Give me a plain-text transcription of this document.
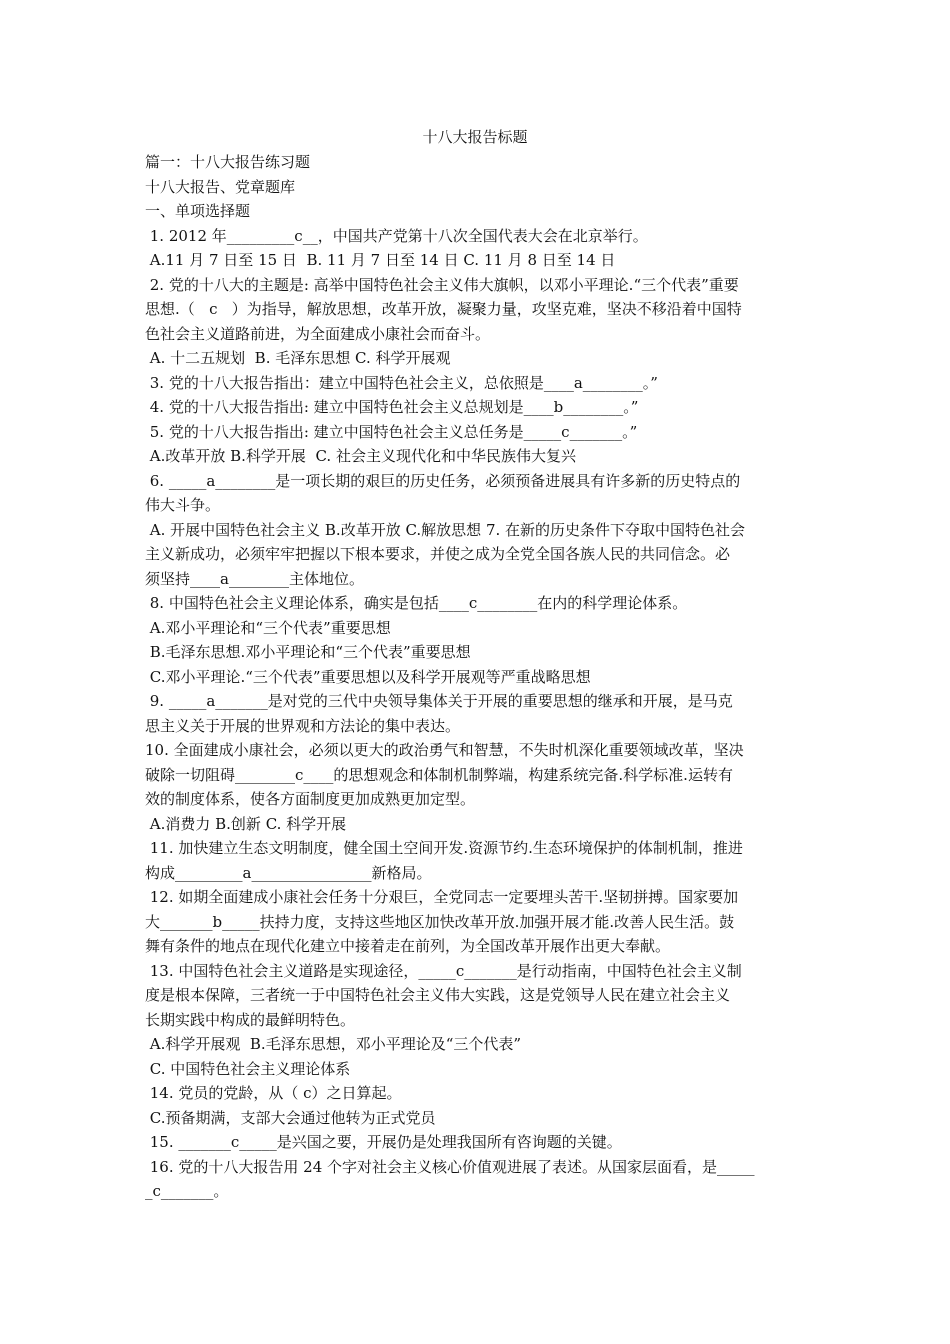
十八大报告标题
篇一：十八大报告练习题
十八大报告、党章题库
一、单项选择题
1. 2012 年_________c__，中国共产党第十八次全国代表大会在北京举行。
A.11 月 7 日至 15 日  B. 11 月 7 日至 14 日 C. 11 月 8 日至 14 日
2. 党的十八大的主题是: 高举中国特色社会主义伟大旗帜，以邓小平理论.“三个代表”重要
思想.（   c   ）为指导，解放思想，改革开放，凝聚力量，攻坚克难，坚决不移沿着中国特
色社会主义道路前进，为全面建成小康社会而奋斗。
A. 十二五规划  B. 毛泽东思想 C. 科学开展观
3. 党的十八大报告指出：建立中国特色社会主义，总依照是____a________。”
4. 党的十八大报告指出: 建立中国特色社会主义总规划是____b________。”
5. 党的十八大报告指出: 建立中国特色社会主义总任务是_____c_______。”
A.改革开放 B.科学开展  C. 社会主义现代化和中华民族伟大复兴
6. _____a________是一项长期的艰巨的历史任务，必须预备进展具有许多新的历史特点的
伟大斗争。
A. 开展中国特色社会主义 B.改革开放 C.解放思想 7. 在新的历史条件下夺取中国特色社会
主义新成功，必须牢牢把握以下根本要求，并使之成为全党全国各族人民的共同信念。必
须坚持____a________主体地位。
8. 中国特色社会主义理论体系，确实是包括____c________在内的科学理论体系。
A.邓小平理论和“三个代表”重要思想
B.毛泽东思想.邓小平理论和“三个代表”重要思想
C.邓小平理论.“三个代表”重要思想以及科学开展观等严重战略思想
9. _____a_______是对党的三代中央领导集体关于开展的重要思想的继承和开展，是马克
思主义关于开展的世界观和方法论的集中表达。
10. 全面建成小康社会，必须以更大的政治勇气和智慧，不失时机深化重要领域改革，坚决
破除一切阻碍________c____的思想观念和体制机制弊端，构建系统完备.科学标准.运转有
效的制度体系，使各方面制度更加成熟更加定型。
A.消费力 B.创新 C. 科学开展
11. 加快建立生态文明制度，健全国土空间开发.资源节约.生态环境保护的体制机制，推进
构成_________a________________新格局。
12. 如期全面建成小康社会任务十分艰巨，全党同志一定要埋头苦干.坚韧拼搏。国家要加
大_______b_____扶持力度，支持这些地区加快改革开放.加强开展才能.改善人民生活。鼓
舞有条件的地点在现代化建立中接着走在前列，为全国改革开展作出更大奉献。
13. 中国特色社会主义道路是实现途径，_____c_______是行动指南，中国特色社会主义制
度是根本保障，三者统一于中国特色社会主义伟大实践，这是党领导人民在建立社会主义
长期实践中构成的最鲜明特色。
A.科学开展观  B.毛泽东思想，邓小平理论及“三个代表”
C. 中国特色社会主义理论体系
14. 党员的党龄，从（ c）之日算起。
C.预备期满，支部大会通过他转为正式党员
15. _______c_____是兴国之要，开展仍是处理我国所有咨询题的关键。
16. 党的十八大报告用 24 个字对社会主义核心价值观进展了表述。从国家层面看，是_____
_c_______。
